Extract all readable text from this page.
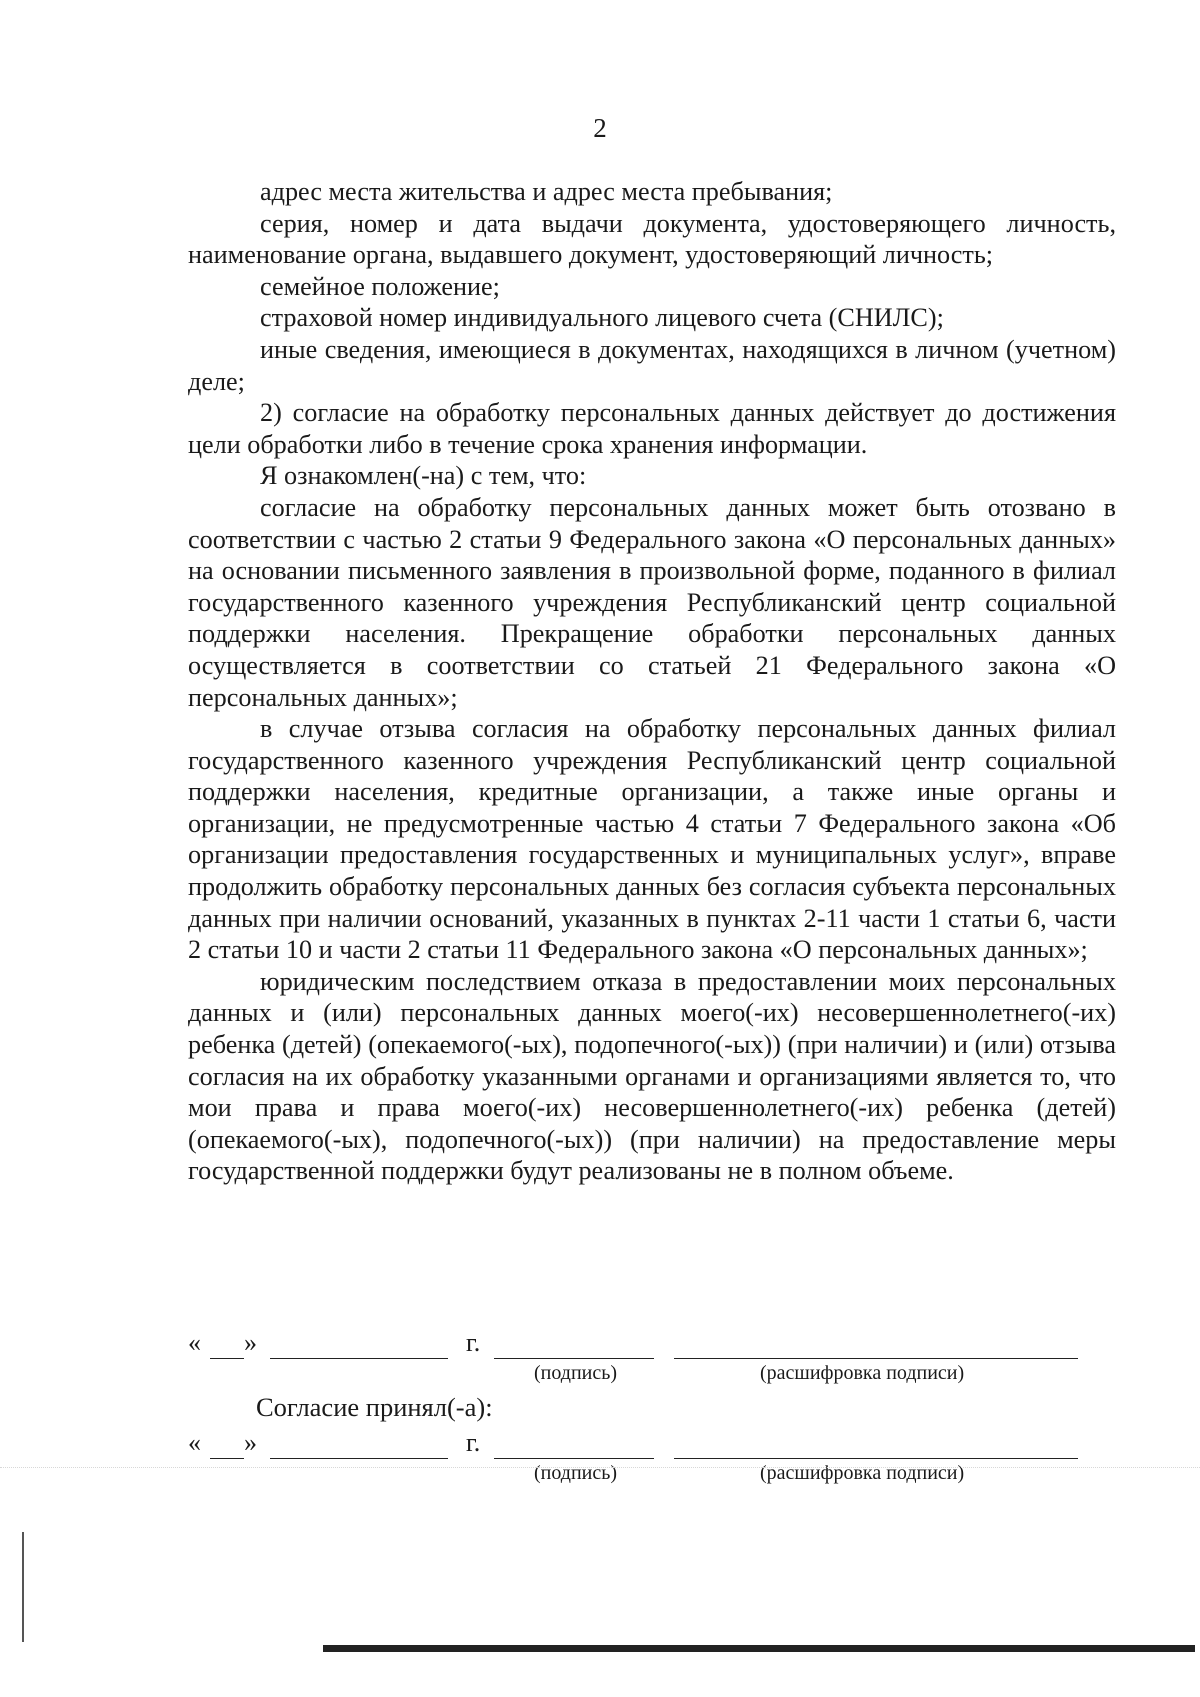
2

адрес места жительства и адрес места пребывания;

серия, номер и дата выдачи документа, удостоверяющего личность, наименование органа, выдавшего документ, удостоверяющий личность;

семейное положение;

страховой номер индивидуального лицевого счета (СНИЛС);

иные сведения, имеющиеся в документах, находящихся в личном (учетном) деле;

2) согласие на обработку персональных данных действует до достижения цели обработки либо в течение срока хранения информации.

Я ознакомлен(-на) с тем, что:

согласие на обработку персональных данных может быть отозвано в соответствии с частью 2 статьи 9 Федерального закона «О персональных данных» на основании письменного заявления в произвольной форме, поданного в филиал государственного казенного учреждения Республиканский центр социальной поддержки населения. Прекращение обработки персональных данных осуществляется в соответствии со статьей 21 Федерального закона «О персональных данных»;

в случае отзыва согласия на обработку персональных данных филиал государственного казенного учреждения Республиканский центр социальной поддержки населения, кредитные организации, а также иные органы и организации, не предусмотренные частью 4 статьи 7 Федерального закона «Об организации предоставления государственных и муниципальных услуг», вправе продолжить обработку персональных данных без согласия субъекта персональных данных при наличии оснований, указанных в пунктах 2-11 части 1 статьи 6, части 2 статьи 10 и части 2 статьи 11 Федерального закона «О персональных данных»;

юридическим последствием отказа в предоставлении моих персональных данных и (или) персональных данных моего(-их) несовершеннолетнего(-их) ребенка (детей) (опекаемого(-ых), подопечного(-ых)) (при наличии) и (или) отзыва согласия на их обработку указанными органами и организациями является то, что мои права и права моего(-их) несовершеннолетнего(-их) ребенка (детей) (опекаемого(-ых), подопечного(-ых)) (при наличии) на предоставление меры государственной поддержки будут реализованы не в полном объеме.

« »	г.
(подпись)	(расшифровка подписи)
Согласие принял(-а):
« »	г.
(подпись)	(расшифровка подписи)
